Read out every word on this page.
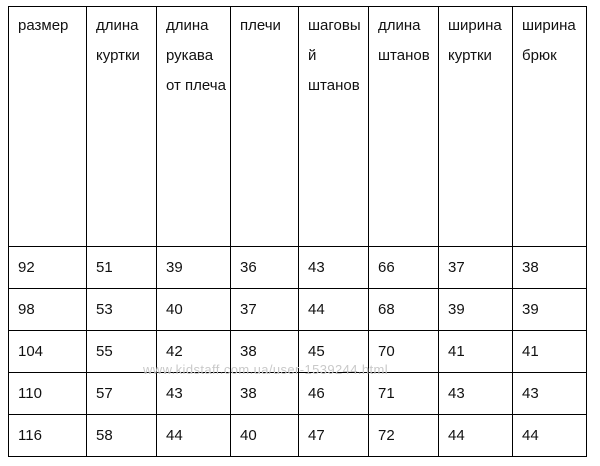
размер	длина куртки	длина рукава от плеча	плечи	шаговый штанов	длина штанов	ширина куртки	ширина брюк
92	51	39	36	43	66	37	38
98	53	40	37	44	68	39	39
104	55	42	38	45	70	41	41
110	57	43	38	46	71	43	43
116	58	44	40	47	72	44	44
www.kidstaff.com.ua/user-1539244.html
